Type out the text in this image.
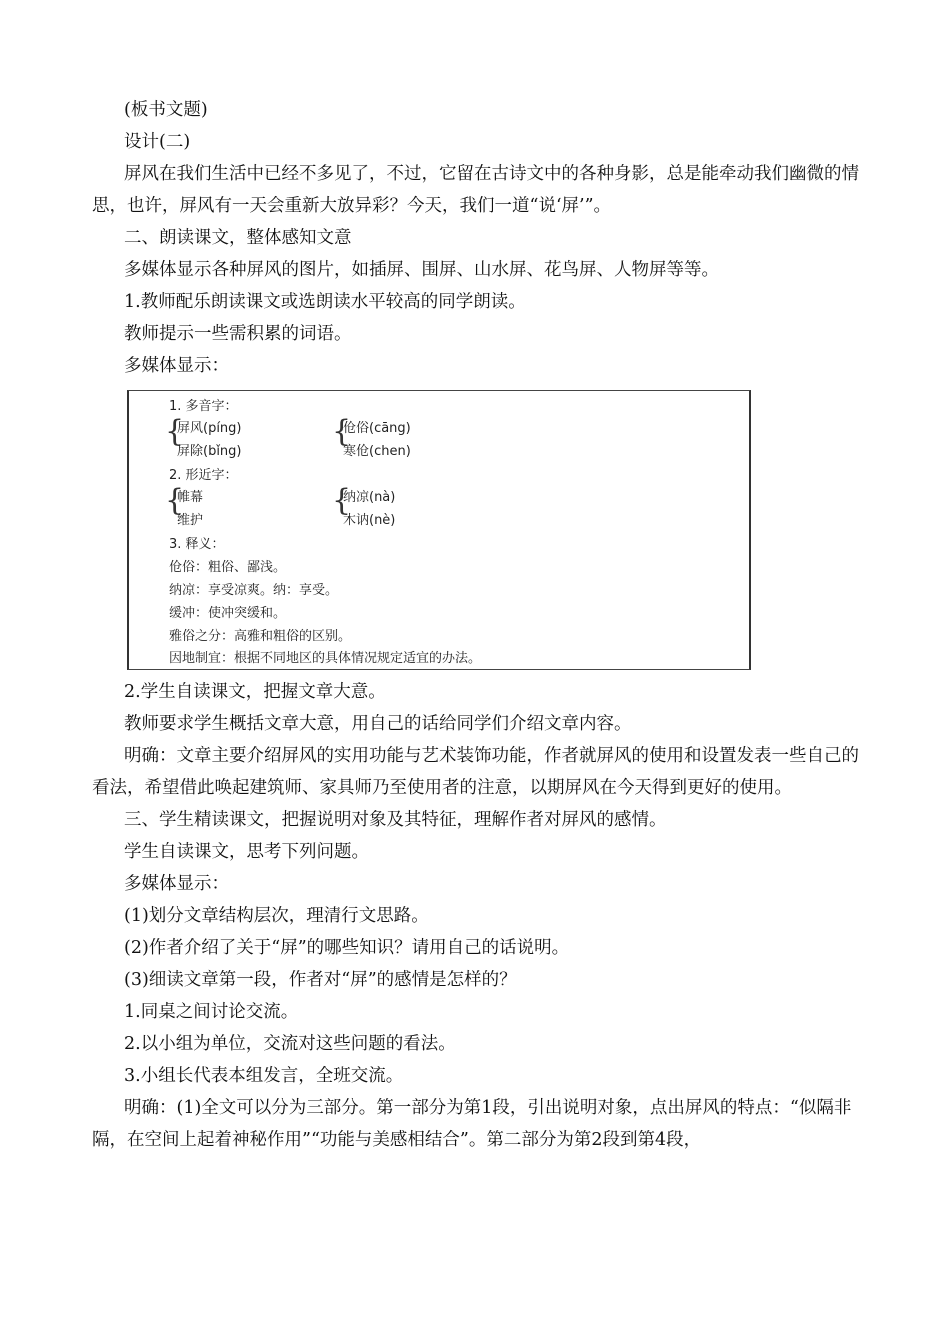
(板书文题)

设计(二)

屏风在我们生活中已经不多见了，不过，它留在古诗文中的各种身影，总是能牵动我们幽微的情思，也许，屏风有一天会重新大放异彩？今天，我们一道“说‘屏’”。

二、朗读课文，整体感知文意

多媒体显示各种屏风的图片，如插屏、围屏、山水屏、花鸟屏、人物屏等等。

1.教师配乐朗读课文或选朗读水平较高的同学朗读。

教师提示一些需积累的词语。

多媒体显示：

1. 多音字：
{
屏风(píng)
屏除(bǐng)
{
伧俗(cāng)
寒伧(chen)
2. 形近字：
{
帷幕
维护
{
纳凉(nà)
木讷(nè)
3. 释义：
伧俗：粗俗、鄙浅。
纳凉：享受凉爽。纳：享受。
缓冲：使冲突缓和。
雅俗之分：高雅和粗俗的区别。
因地制宜：根据不同地区的具体情况规定适宜的办法。

2.学生自读课文，把握文章大意。

教师要求学生概括文章大意，用自己的话给同学们介绍文章内容。

明确：文章主要介绍屏风的实用功能与艺术装饰功能，作者就屏风的使用和设置发表一些自己的看法，希望借此唤起建筑师、家具师乃至使用者的注意，以期屏风在今天得到更好的使用。

三、学生精读课文，把握说明对象及其特征，理解作者对屏风的感情。

学生自读课文，思考下列问题。

多媒体显示：

(1)划分文章结构层次，理清行文思路。

(2)作者介绍了关于“屏”的哪些知识？请用自己的话说明。

(3)细读文章第一段，作者对“屏”的感情是怎样的？

1.同桌之间讨论交流。

2.以小组为单位，交流对这些问题的看法。

3.小组长代表本组发言，全班交流。

明确：(1)全文可以分为三部分。第一部分为第1段，引出说明对象，点出屏风的特点：“似隔非隔，在空间上起着神秘作用”“功能与美感相结合”。第二部分为第2段到第4段，
